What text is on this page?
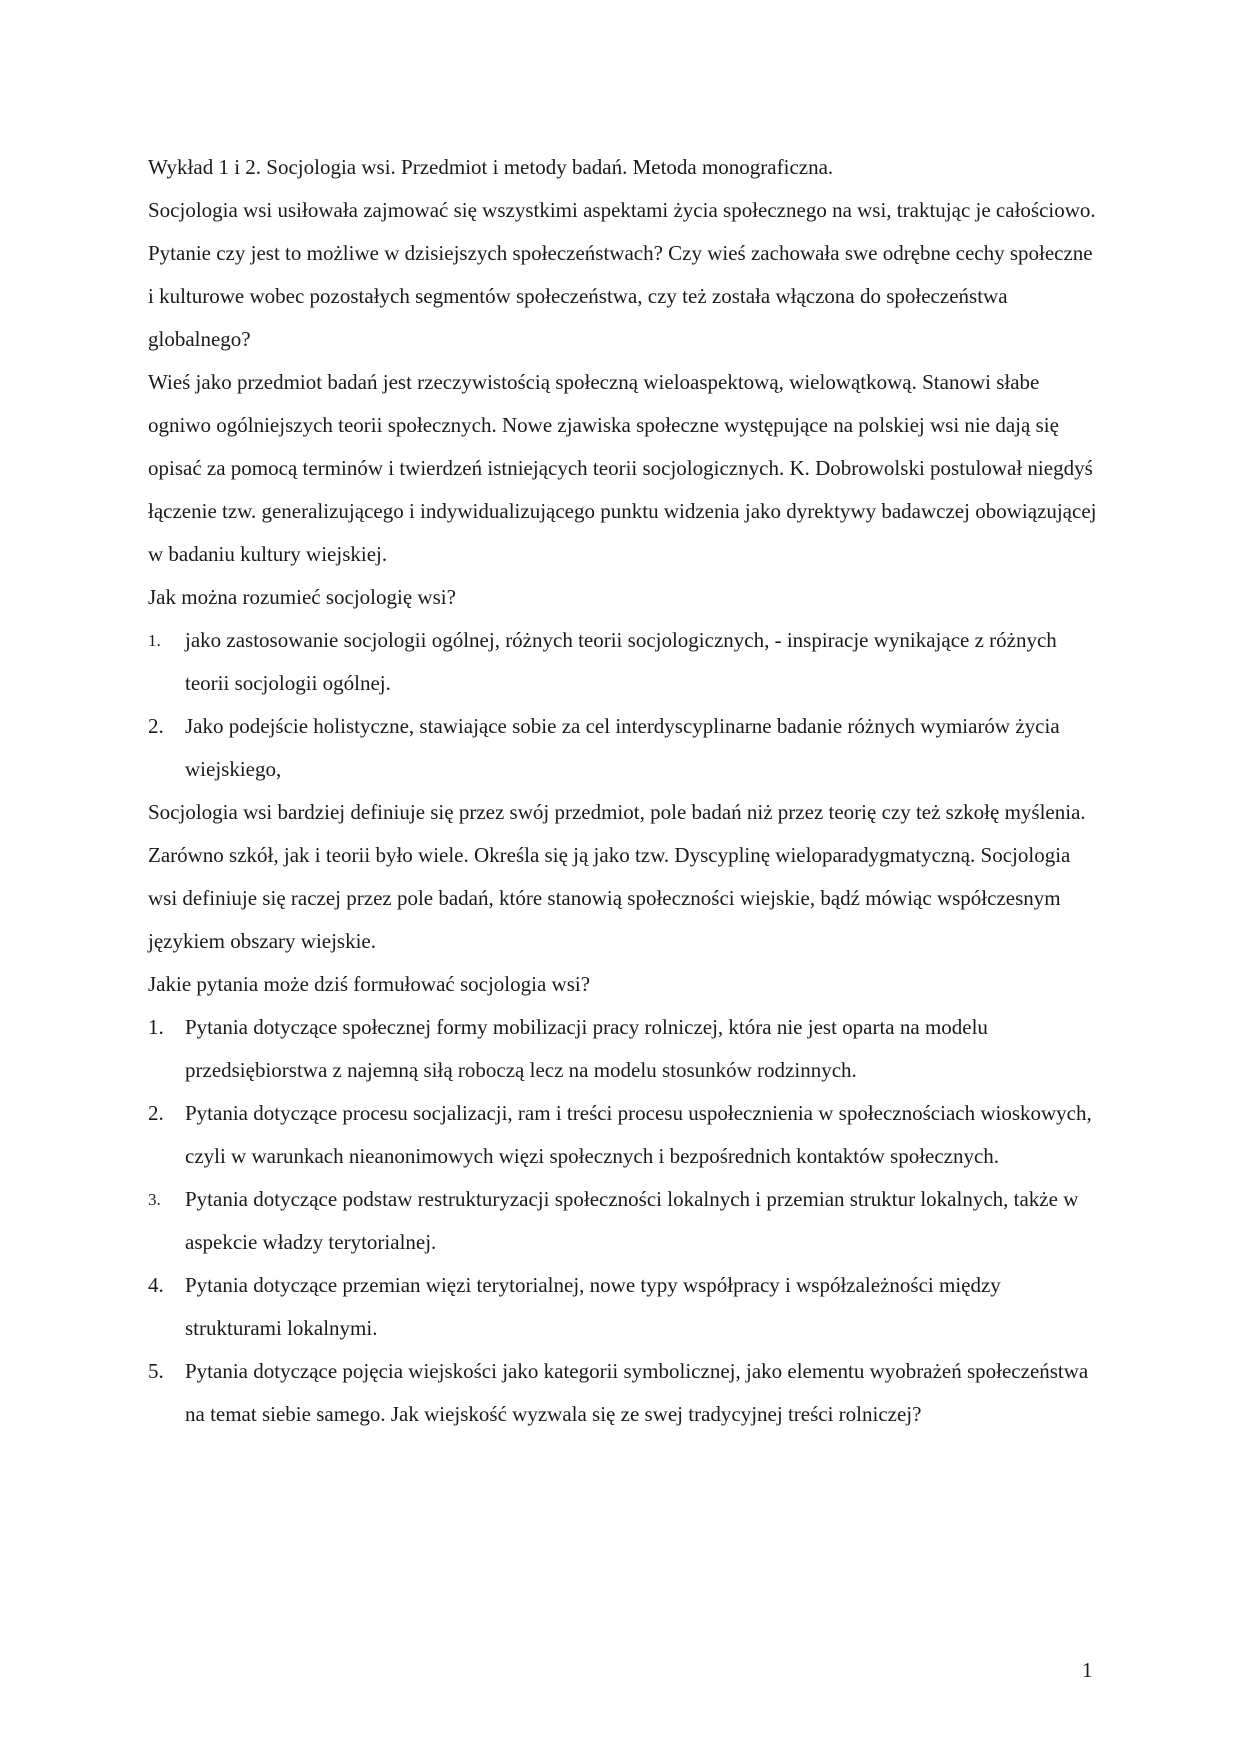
Wykład 1 i 2. Socjologia wsi. Przedmiot i metody badań. Metoda monograficzna.

Socjologia wsi usiłowała zajmować się wszystkimi aspektami życia społecznego na wsi, traktując je całościowo. Pytanie czy jest to możliwe w dzisiejszych społeczeństwach? Czy wieś zachowała swe odrębne cechy społeczne i kulturowe wobec pozostałych segmentów społeczeństwa, czy też została włączona do społeczeństwa globalnego?

Wieś jako przedmiot badań jest rzeczywistością społeczną wieloaspektową, wielowątkową. Stanowi słabe ogniwo ogólniejszych teorii społecznych. Nowe zjawiska społeczne występujące na polskiej wsi nie dają się opisać za pomocą terminów i twierdzeń istniejących teorii socjologicznych. K. Dobrowolski postulował niegdyś łączenie tzw. generalizującego i indywidualizującego punktu widzenia jako dyrektywy badawczej obowiązującej w badaniu kultury wiejskiej.

Jak można rozumieć socjologię wsi?

1. jako zastosowanie socjologii ogólnej, różnych teorii socjologicznych, - inspiracje wynikające z różnych teorii socjologii ogólnej.
2. Jako podejście holistyczne, stawiające sobie za cel interdyscyplinarne badanie różnych wymiarów życia wiejskiego,

Socjologia wsi bardziej definiuje się przez swój przedmiot, pole badań niż przez teorię czy też szkołę myślenia. Zarówno szkół, jak i teorii było wiele. Określa się ją jako tzw. Dyscyplinę wieloparadygmatyczną. Socjologia wsi definiuje się raczej przez pole badań, które stanowią społeczności wiejskie, bądź mówiąc współczesnym językiem obszary wiejskie.

Jakie pytania może dziś formułować socjologia wsi?

1. Pytania dotyczące społecznej formy mobilizacji pracy rolniczej, która nie jest oparta na modelu przedsiębiorstwa z najemną siłą roboczą lecz na modelu stosunków rodzinnych.
2. Pytania dotyczące procesu socjalizacji, ram i treści procesu uspołecznienia w społecznościach wioskowych, czyli w warunkach nieanonimowych więzi społecznych i bezpośrednich kontaktów społecznych.
3. Pytania dotyczące podstaw restrukturyzacji społeczności lokalnych i przemian struktur lokalnych, także w aspekcie władzy terytorialnej.
4. Pytania dotyczące przemian więzi terytorialnej, nowe typy współpracy i współzależności między strukturami lokalnymi.
5. Pytania dotyczące pojęcia wiejskości jako kategorii symbolicznej, jako elementu wyobrażeń społeczeństwa na temat siebie samego. Jak wiejskość wyzwala się ze swej tradycyjnej treści rolniczej?
1
